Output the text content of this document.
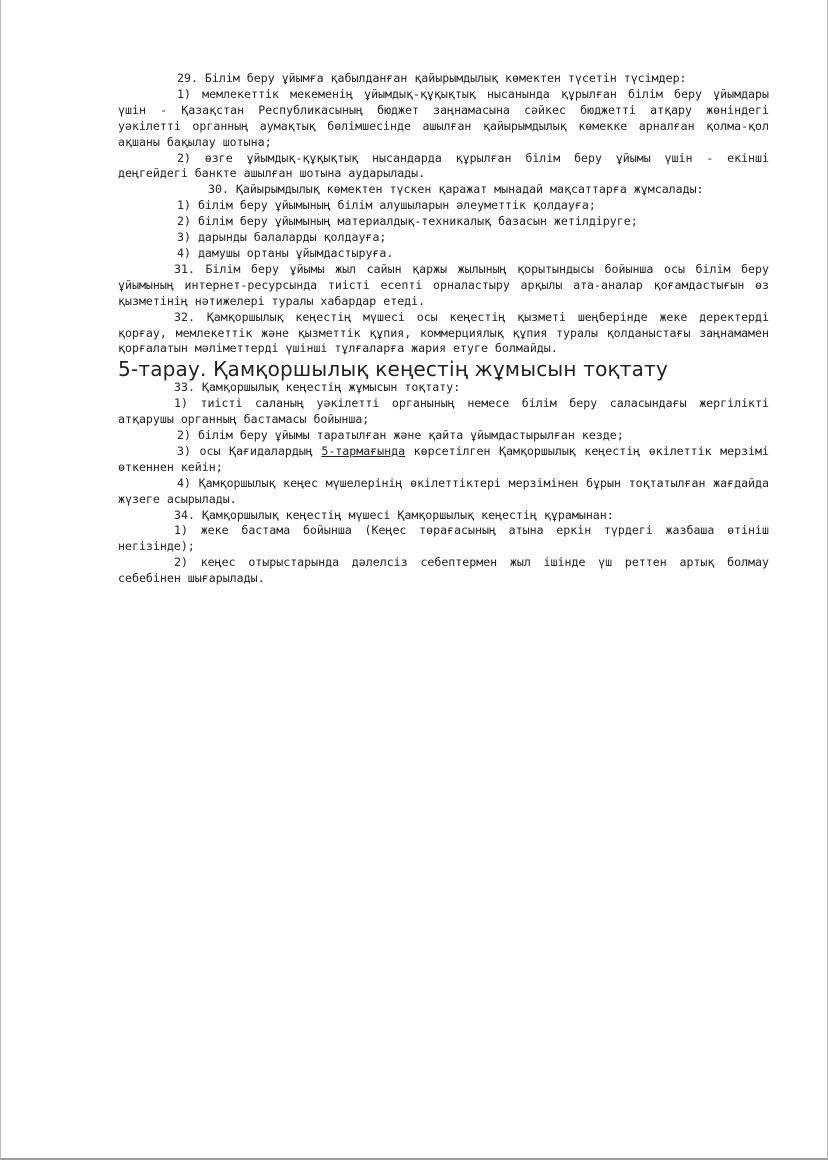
29. Білім беру ұйымға қабылданған қайырымдылық көмектен түсетін түсімдер:

1) мемлекеттік мекеменің ұйымдық-құқықтық нысанында құрылған білім беру ұйымдары үшін - Қазақстан Республикасының бюджет заңнамасына сәйкес бюджетті атқару жөніндегі уәкілетті органның аумақтық бөлімшесінде ашылған қайырымдылық көмекке арналған қолма-қол ақшаны бақылау шотына;

2) өзге ұйымдық-құқықтық нысандарда құрылған білім беру ұйымы үшін - екінші деңгейдегі банкте ашылған шотына аударылады.

30. Қайырымдылық көмектен түскен қаражат мынадай мақсаттарға жұмсалады:

1) білім беру ұйымының білім алушыларын әлеуметтік қолдауға;

2) білім беру ұйымының материалдық-техникалық базасын жетілдіруге;

3) дарынды балаларды қолдауға;

4) дамушы ортаны ұйымдастыруға.

31. Білім беру ұйымы жыл сайын қаржы жылының қорытындысы бойынша осы білім беру ұйымының интернет-ресурсында тиісті есепті орналастыру арқылы ата-аналар қоғамдастығын өз қызметінің нәтижелері туралы хабардар етеді.

32. Қамқоршылық кеңестің мүшесі осы кеңестің қызметі шеңберінде жеке деректерді қорғау, мемлекеттік және қызметтік құпия, коммерциялық құпия туралы қолданыстағы заңнамамен қорғалатын мәліметтерді үшінші тұлғаларға жария етуге болмайды.

5-тарау. Қамқоршылық кеңестің жұмысын тоқтату

33. Қамқоршылық кеңестің жұмысын тоқтату:

1) тиісті саланың уәкілетті органының немесе білім беру саласындағы жергілікті атқарушы органның бастамасы бойынша;

2) білім беру ұйымы таратылған және қайта ұйымдастырылған кезде;

3) осы Қағидалардың 5-тармағында көрсетілген Қамқоршылық кеңестің өкілеттік мерзімі өткеннен кейін;

4) Қамқоршылық кеңес мүшелерінің өкілеттіктері мерзімінен бұрын тоқтатылған жағдайда жүзеге асырылады.

34. Қамқоршылық кеңестің мүшесі Қамқоршылық кеңестің құрамынан:

1) жеке бастама бойынша (Кеңес төрағасының атына еркін түрдегі жазбаша өтініш негізінде);

2) кеңес отырыстарында дәлелсіз себептермен жыл ішінде үш реттен артық болмау себебінен шығарылады.
